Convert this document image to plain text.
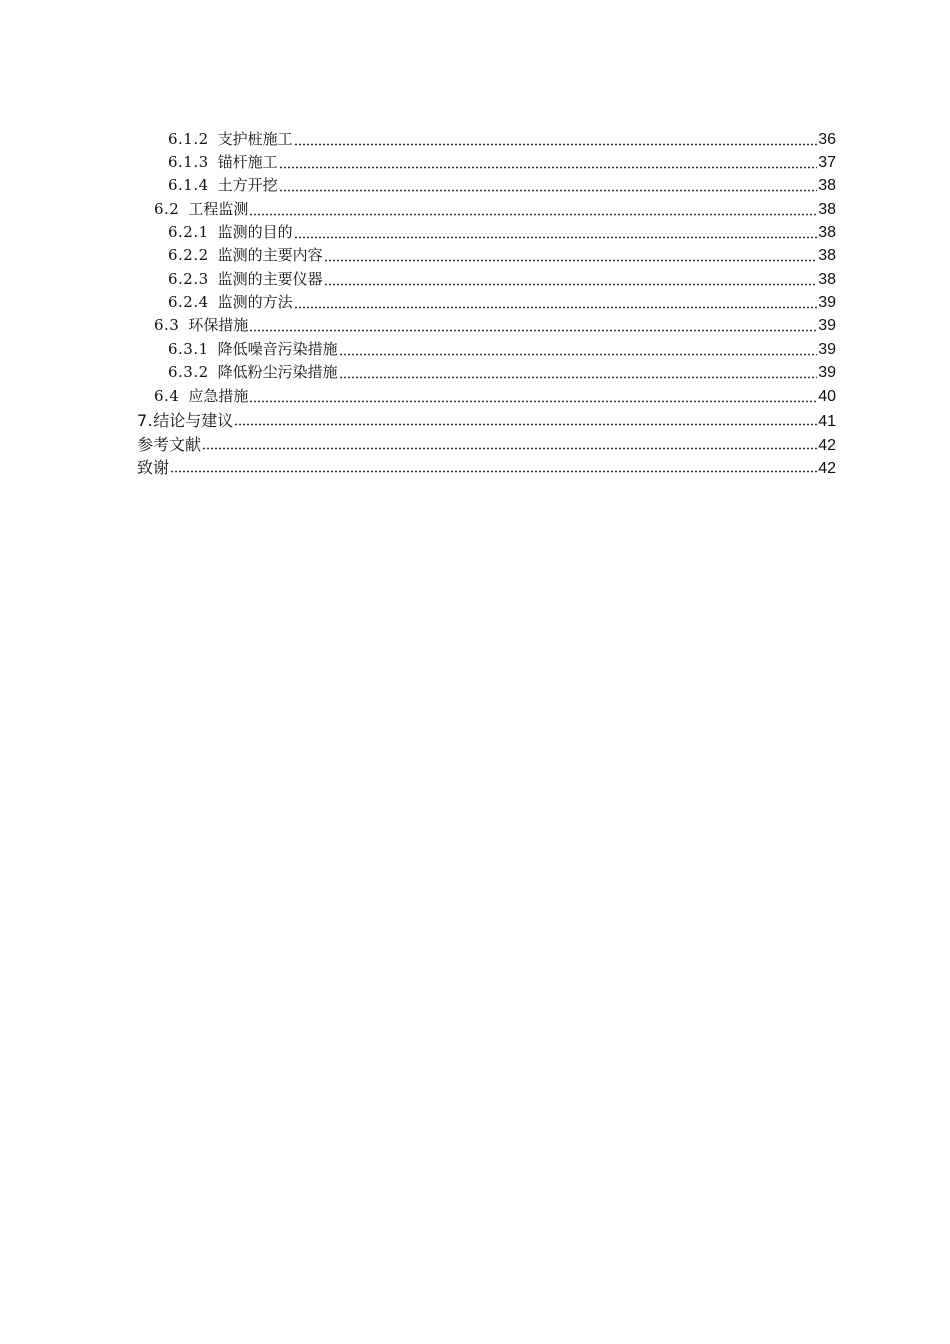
6.1.2 支护桩施工	36
6.1.3 锚杆施工	37
6.1.4 土方开挖	38
6.2 工程监测	38
6.2.1 监测的目的	38
6.2.2 监测的主要内容	38
6.2.3 监测的主要仪器	38
6.2.4 监测的方法	39
6.3 环保措施	39
6.3.1 降低噪音污染措施	39
6.3.2 降低粉尘污染措施	39
6.4 应急措施	40
7. 结论与建议	41
参考文献	42
致谢	42
